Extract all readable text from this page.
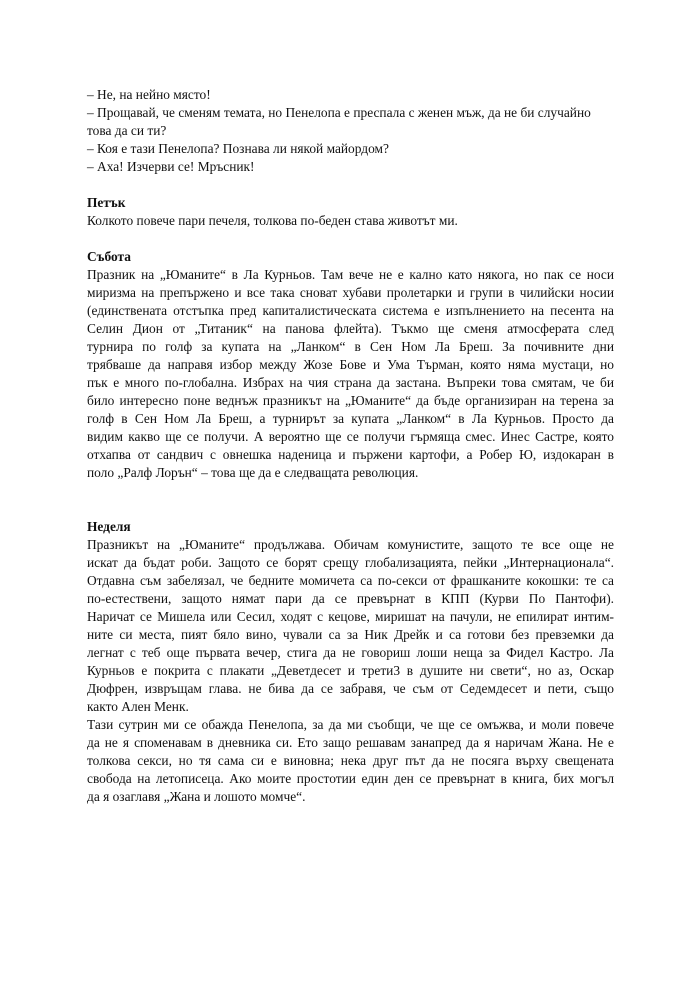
– Не, на нейно място!
– Прощавай, че сменям темата, но Пенелопа е преспала с женен мъж, да не би случайно
това да си ти?
– Коя е тази Пенелопа? Познава ли някой майордом?
– Аха! Изчерви се! Мръсник!
Петък
Колкото повече пари печеля, толкова по-беден става животът ми.
Събота
Празник на „Юманите“ в Ла Курньов. Там вече не е кално като някога, но пак се носи
миризма на препържено и все така сноват хубави пролетарки и групи в чилийски носии
(единствената отстъпка пред капиталистическата система е изпълнението на песента на
Селин Дион от „Титаник“ на панова флейта). Тъкмо ще сменя атмосферата след
турнира по голф за купата на „Ланком“ в Сен Ном Ла Бреш. За почивните дни
трябваше да направя избор между Жозе Бове и Ума Търман, която няма мустаци, но
пък е много по-глобална. Избрах на чия страна да застана. Въпреки това смятам, че би
било интересно поне веднъж празникът на „Юманите“ да бъде организиран на терена за
голф в Сен Ном Ла Бреш, а турнирът за купата „Ланком“ в Ла Курньов. Просто да
видим какво ще се получи. А вероятно ще се получи гърмяща смес. Инес Састре, която
отхапва от сандвич с овнешка наденица и пържени картофи, а Робер Ю, издокаран в
поло „Ралф Лорън“ – това ще да е следващата революция.
Неделя
Празникът на „Юманите“ продължава. Обичам комунистите, защото те все още не
искат да бъдат роби. Защото се борят срещу глобализацията, пейки „Интернационала“.
Отдавна съм забелязал, че бедните момичета са по-секси от фрашканите кокошки: те са
по-естествени, защото нямат пари да се превърнат в КПП (Курви По Пантофи).
Наричат се Мишела или Сесил, ходят с кецове, миришат на пачули, не епилират интим-
ните си места, пият бяло вино, чували са за Ник Дрейк и са готови без превземки да
легнат с теб още първата вечер, стига да не говориш лоши неща за Фидел Кастро. Ла
Курньов е покрита с плакати „Деветдесет и трети3 в душите ни свети“, но аз, Оскар
Дюфрен, извръщам глава. не бива да се забравя, че съм от Седемдесет и пети, също
както Ален Менк.
Тази сутрин ми се обажда Пенелопа, за да ми съобщи, че ще се омъжва, и моли повече
да не я споменавам в дневника си. Ето защо решавам занапред да я наричам Жана. Не е
толкова секси, но тя сама си е виновна; нека друг път да не посяга върху свещената
свобода на летописеца. Ако моите простотии един ден се превърнат в книга, бих могъл
да я озаглавя „Жана и лошото момче“.
